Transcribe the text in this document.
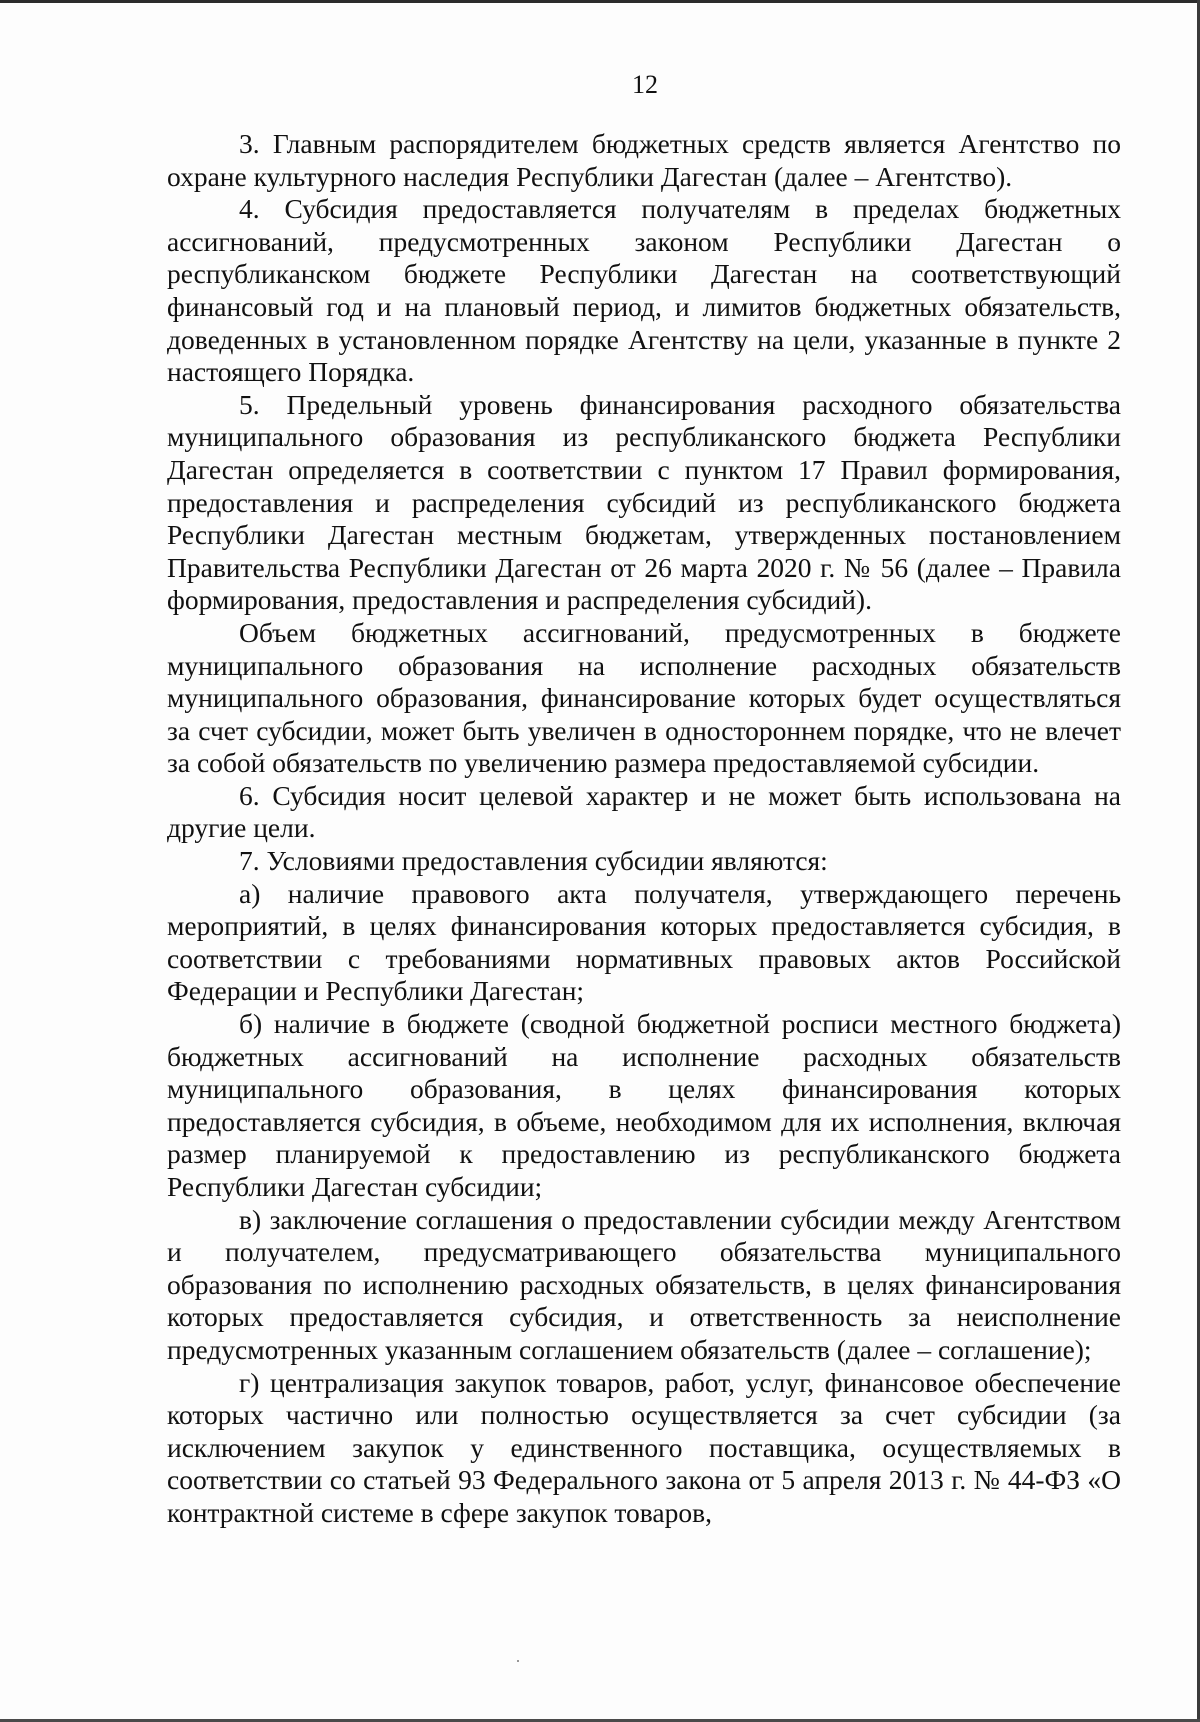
12

3. Главным распорядителем бюджетных средств является Агентство по охране культурного наследия Республики Дагестан (далее – Агентство).

4. Субсидия предоставляется получателям в пределах бюджетных ассигнований, предусмотренных законом Республики Дагестан о республиканском бюджете Республики Дагестан на соответствующий финансовый год и на плановый период, и лимитов бюджетных обязательств, доведенных в установленном порядке Агентству на цели, указанные в пункте 2 настоящего Порядка.

5. Предельный уровень финансирования расходного обязательства муниципального образования из республиканского бюджета Республики Дагестан определяется в соответствии с пунктом 17 Правил формирования, предоставления и распределения субсидий из республиканского бюджета Республики Дагестан местным бюджетам, утвержденных постановлением Правительства Республики Дагестан от 26 марта 2020 г. № 56 (далее – Правила формирования, предоставления и распределения субсидий).

Объем бюджетных ассигнований, предусмотренных в бюджете муниципального образования на исполнение расходных обязательств муниципального образования, финансирование которых будет осуществляться за счет субсидии, может быть увеличен в одностороннем порядке, что не влечет за собой обязательств по увеличению размера предоставляемой субсидии.

6. Субсидия носит целевой характер и не может быть использована на другие цели.

7. Условиями предоставления субсидии являются:

а) наличие правового акта получателя, утверждающего перечень мероприятий, в целях финансирования которых предоставляется субсидия, в соответствии с требованиями нормативных правовых актов Российской Федерации и Республики Дагестан;

б) наличие в бюджете (сводной бюджетной росписи местного бюджета) бюджетных ассигнований на исполнение расходных обязательств муниципального образования, в целях финансирования которых предоставляется субсидия, в объеме, необходимом для их исполнения, включая размер планируемой к предоставлению из республиканского бюджета Республики Дагестан субсидии;

в) заключение соглашения о предоставлении субсидии между Агентством и получателем, предусматривающего обязательства муниципального образования по исполнению расходных обязательств, в целях финансирования которых предоставляется субсидия, и ответственность за неисполнение предусмотренных указанным соглашением обязательств (далее – соглашение);

г) централизация закупок товаров, работ, услуг, финансовое обеспечение которых частично или полностью осуществляется за счет субсидии (за исключением закупок у единственного поставщика, осуществляемых в соответствии со статьей 93 Федерального закона от 5 апреля 2013 г. № 44-ФЗ «О контрактной системе в сфере закупок товаров,
